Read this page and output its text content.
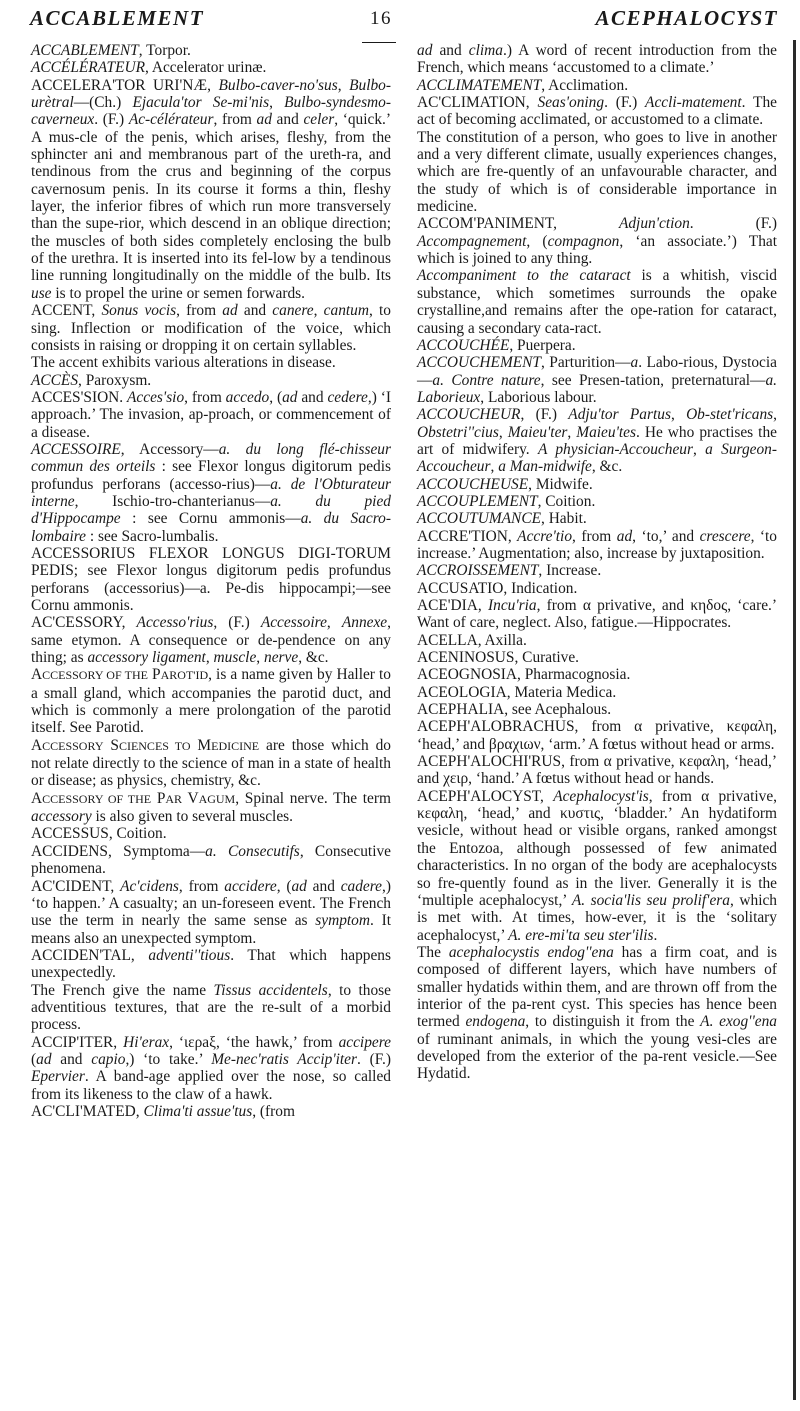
ACCABLEMENT	16	ACEPHALOCYST

ACCABLEMENT, Torpor.

ACCÉLÉRATEUR, Accelerator urinæ.

ACCELERA'TOR URI'NÆ, Bulbo-caver-no'sus, Bulbo-urètral—(Ch.) Ejacula'tor Se-mi'nis, Bulbo-syndesmo-caverneux. (F.) Ac-célérateur, from ad and celer, ‘quick.’ A mus-cle of the penis, which arises, fleshy, from the sphincter ani and membranous part of the ureth-ra, and tendinous from the crus and beginning of the corpus cavernosum penis. In its course it forms a thin, fleshy layer, the inferior fibres of which run more transversely than the supe-rior, which descend in an oblique direction; the muscles of both sides completely enclosing the bulb of the urethra. It is inserted into its fel-low by a tendinous line running longitudinally on the middle of the bulb. Its use is to propel the urine or semen forwards.

ACCENT, Sonus vocis, from ad and canere, cantum, to sing. Inflection or modification of the voice, which consists in raising or dropping it on certain syllables.

The accent exhibits various alterations in disease.

ACCÈS, Paroxysm.

ACCES'SION. Acces'sio, from accedo, (ad and cedere,) ‘I approach.’ The invasion, ap-proach, or commencement of a disease.

ACCESSOIRE, Accessory—a. du long flé-chisseur commun des orteils : see Flexor longus digitorum pedis profundus perforans (accesso-rius)—a. de l'Obturateur interne, Ischio-tro-chanterianus—a. du pied d'Hippocampe : see Cornu ammonis—a. du Sacro-lombaire : see Sacro-lumbalis.

ACCESSORIUS FLEXOR LONGUS DIGI-TORUM PEDIS; see Flexor longus digitorum pedis profundus perforans (accessorius)—a. Pe-dis hippocampi;—see Cornu ammonis.

AC'CESSORY, Accesso'rius, (F.) Accessoire, Annexe, same etymon. A consequence or de-pendence on any thing; as accessory ligament, muscle, nerve, &c.

ACCESSORY OF THE PAROT'ID, is a name given by Haller to a small gland, which accompanies the parotid duct, and which is commonly a mere prolongation of the parotid itself. See Parotid.

ACCESSORY SCIENCES TO MEDICINE are those which do not relate directly to the science of man in a state of health or disease; as physics, chemistry, &c.

ACCESSORY OF THE PAR VAGUM, Spinal nerve. The term accessory is also given to several muscles.

ACCESSUS, Coition.

ACCIDENS, Symptoma—a. Consecutifs, Consecutive phenomena.

AC'CIDENT, Ac'cidens, from accidere, (ad and cadere,) ‘to happen.’ A casualty; an un-foreseen event. The French use the term in nearly the same sense as symptom. It means also an unexpected symptom.

ACCIDEN'TAL, adventi''tious. That which happens unexpectedly.

The French give the name Tissus accidentels, to those adventitious textures, that are the re-sult of a morbid process.

ACCIP'ITER, Hi'erax, ‘ιερaξ, ‘the hawk,’ from accipere (ad and capio,) ‘to take.’ Me-nec'ratis Accip'iter. (F.) Epervier. A band-age applied over the nose, so called from its likeness to the claw of a hawk.

AC'CLI'MATED, Clima'ti assue'tus, (from

ad and clima.) A word of recent introduction from the French, which means ‘accustomed to a climate.’

ACCLIMATEMENT, Acclimation.

AC'CLIMATION, Seas'oning. (F.) Accli-matement. The act of becoming acclimated, or accustomed to a climate.

The constitution of a person, who goes to live in another and a very different climate, usually experiences changes, which are fre-quently of an unfavourable character, and the study of which is of considerable importance in medicine.

ACCOM'PANIMENT, Adjun'ction. (F.) Accompagnement, (compagnon, ‘an associate.’) That which is joined to any thing.

Accompaniment to the cataract is a whitish, viscid substance, which sometimes surrounds the opake crystalline,and remains after the ope-ration for cataract, causing a secondary cata-ract.

ACCOUCHÉE, Puerpera.

ACCOUCHEMENT, Parturition—a. Labo-rious, Dystocia—a. Contre nature, see Presen-tation, preternatural—a. Laborieux, Laborious labour.

ACCOUCHEUR, (F.) Adju'tor Partus, Ob-stet'ricans, Obstetri''cius, Maieu'ter, Maieu'tes. He who practises the art of midwifery. A physician-Accoucheur, a Surgeon-Accoucheur, a Man-midwife, &c.

ACCOUCHEUSE, Midwife.

ACCOUPLEMENT, Coition.

ACCOUTUMANCE, Habit.

ACCRE'TION, Accre'tio, from ad, ‘to,’ and crescere, ‘to increase.’ Augmentation; also, increase by juxtaposition.

ACCROISSEMENT, Increase.

ACCUSATIO, Indication.

ACE'DIA, Incu'ria, from α privative, and κηδος, ‘care.’ Want of care, neglect. Also, fatigue.—Hippocrates.

ACELLA, Axilla.

ACENINOSUS, Curative.

ACEOGNOSIA, Pharmacognosia.

ACEOLOGIA, Materia Medica.

ACEPHALIA, see Acephalous.

ACEPH'ALOBRACHUS, from α privative, κεφαλη, ‘head,’ and βραχιων, ‘arm.’ A fœtus without head or arms.

ACEPH'ALOCHI'RUS, from α privative, κεφαλη, ‘head,’ and χειρ, ‘hand.’ A fœtus without head or hands.

ACEPH'ALOCYST, Acephalocyst'is, from α privative, κεφαλη, ‘head,’ and κυστις, ‘bladder.’ An hydatiform vesicle, without head or visible organs, ranked amongst the Entozoa, although possessed of few animated characteristics. In no organ of the body are acephalocysts so fre-quently found as in the liver. Generally it is the ‘multiple acephalocyst,’ A. socia'lis seu prolif'era, which is met with. At times, how-ever, it is the ‘solitary acephalocyst,’ A. ere-mi'ta seu ster'ilis.

The acephalocystis endog''ena has a firm coat, and is composed of different layers, which have numbers of smaller hydatids within them, and are thrown off from the interior of the pa-rent cyst. This species has hence been termed endogena, to distinguish it from the A. exog''ena of ruminant animals, in which the young vesi-cles are developed from the exterior of the pa-rent vesicle.—See Hydatid.
